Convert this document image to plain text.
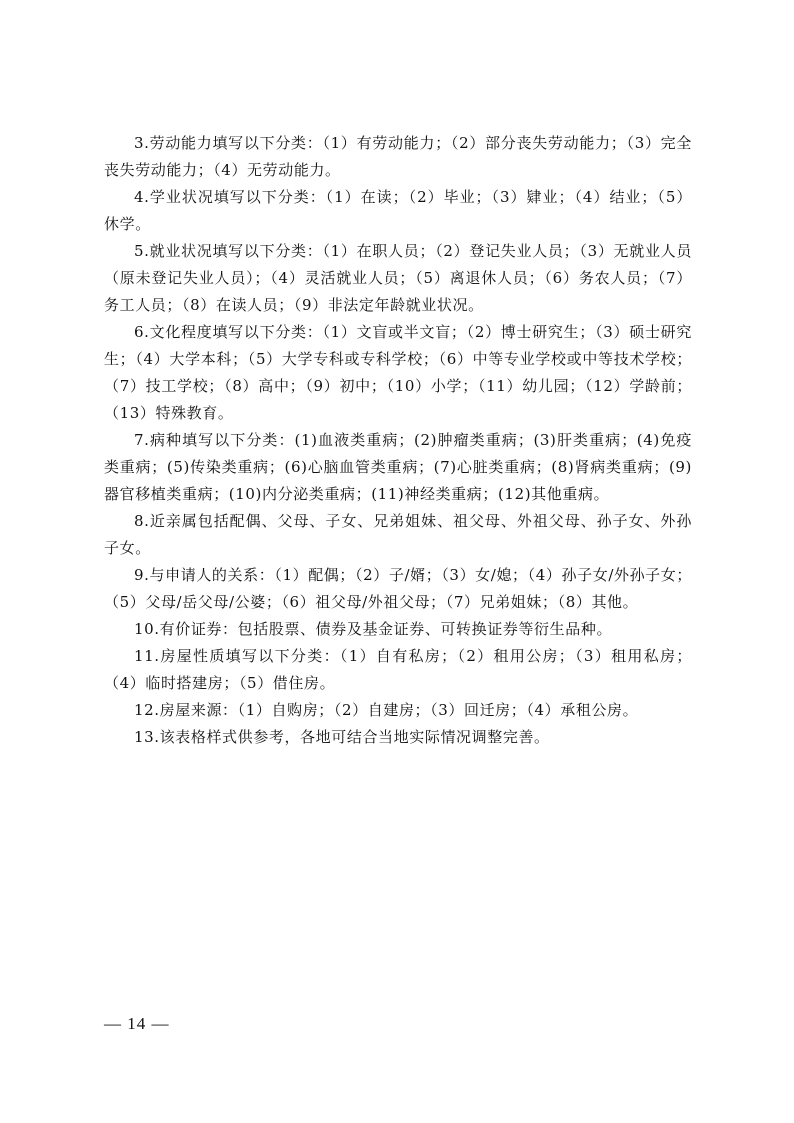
3.劳动能力填写以下分类：（1）有劳动能力；（2）部分丧失劳动能力；（3）完全丧失劳动能力；（4）无劳动能力。

4.学业状况填写以下分类：（1）在读；（2）毕业；（3）肄业；（4）结业；（5）休学。

5.就业状况填写以下分类：（1）在职人员；（2）登记失业人员；（3）无就业人员（原未登记失业人员）；（4）灵活就业人员；（5）离退休人员；（6）务农人员；（7）务工人员；（8）在读人员；（9）非法定年龄就业状况。

6.文化程度填写以下分类：（1）文盲或半文盲；（2）博士研究生；（3）硕士研究生；（4）大学本科；（5）大学专科或专科学校；（6）中等专业学校或中等技术学校；（7）技工学校；（8）高中；（9）初中；（10）小学；（11）幼儿园；（12）学龄前；（13）特殊教育。

7.病种填写以下分类：(1)血液类重病；(2)肿瘤类重病；(3)肝类重病；(4)免疫类重病；(5)传染类重病；(6)心脑血管类重病；(7)心脏类重病；(8)肾病类重病；(9)器官移植类重病；(10)内分泌类重病；(11)神经类重病；(12)其他重病。

8.近亲属包括配偶、父母、子女、兄弟姐妹、祖父母、外祖父母、孙子女、外孙子女。

9.与申请人的关系：（1）配偶；（2）子/婿；（3）女/媳；（4）孙子女/外孙子女；（5）父母/岳父母/公婆；（6）祖父母/外祖父母；（7）兄弟姐妹；（8）其他。

10.有价证券：包括股票、债券及基金证券、可转换证券等衍生品种。

11.房屋性质填写以下分类：（1）自有私房；（2）租用公房；（3）租用私房；（4）临时搭建房；（5）借住房。

12.房屋来源：（1）自购房；（2）自建房；（3）回迁房；（4）承租公房。

13.该表格样式供参考，各地可结合当地实际情况调整完善。

— 14 —
